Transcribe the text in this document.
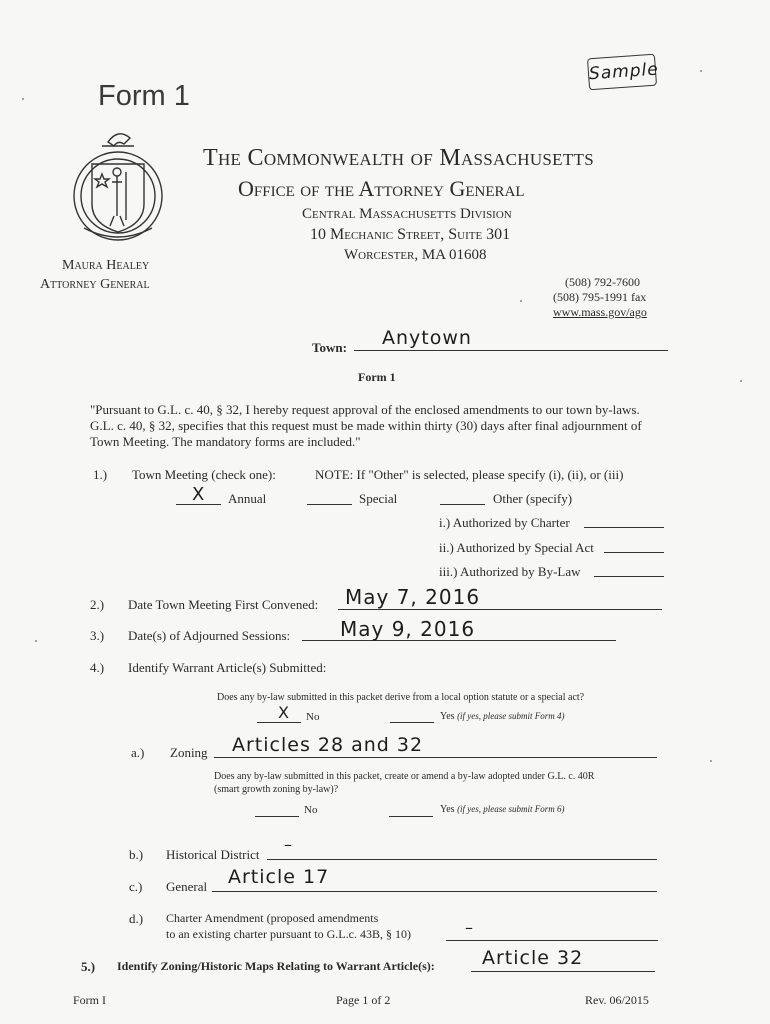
Form 1
Sample
Maura Healey
Attorney General
The Commonwealth of Massachusetts
Office of the Attorney General
Central Massachusetts Division
10 Mechanic Street, Suite 301
Worcester, MA 01608
(508) 792-7600
(508) 795-1991 fax
www.mass.gov/ago
Town: Anytown
Form 1
"Pursuant to G.L. c. 40, § 32, I hereby request approval of the enclosed amendments to our town by-laws.
G.L. c. 40, § 32, specifies that this request must be made within thirty (30) days after final adjournment of
Town Meeting. The mandatory forms are included."
1.) Town Meeting (check one):	NOTE: If "Other" is selected, please specify (i), (ii), or (iii)
X Annual	Special	Other (specify)
i.) Authorized by Charter
ii.) Authorized by Special Act
iii.) Authorized by By-Law
2.) Date Town Meeting First Convened: May 7, 2016
3.) Date(s) of Adjourned Sessions: May 9, 2016
4.) Identify Warrant Article(s) Submitted:
Does any by-law submitted in this packet derive from a local option statute or a special act?
X No	Yes (if yes, please submit Form 4)
a.) Zoning Articles 28 and 32
Does any by-law submitted in this packet, create or amend a by-law adopted under G.L. c. 40R
(smart growth zoning by-law)?
No	Yes (if yes, please submit Form 6)
b.) Historical District
–
c.) General Article 17
d.) Charter Amendment (proposed amendments
to an existing charter pursuant to G.L.c. 43B, § 10)	–
5.) Identify Zoning/Historic Maps Relating to Warrant Article(s): Article 32
Form I	Page 1 of 2	Rev. 06/2015
